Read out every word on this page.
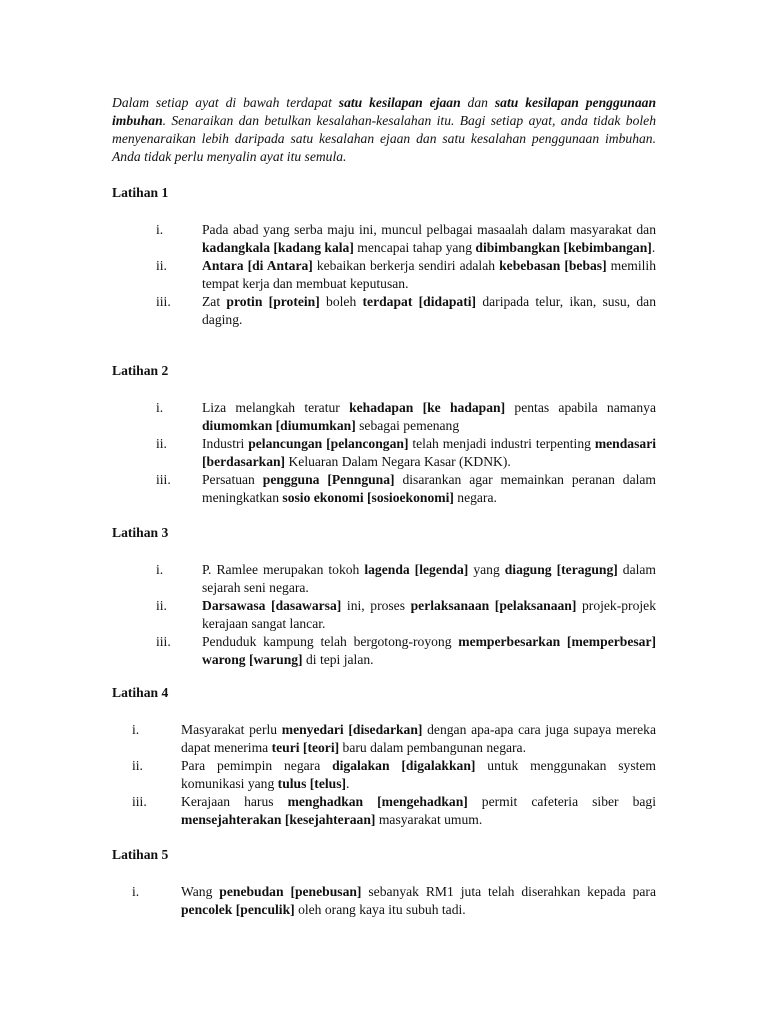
Dalam setiap ayat di bawah terdapat satu kesilapan ejaan dan satu kesilapan penggunaan imbuhan. Senaraikan dan betulkan kesalahan-kesalahan itu. Bagi setiap ayat, anda tidak boleh menyenaraikan lebih daripada satu kesalahan ejaan dan satu kesalahan penggunaan imbuhan. Anda tidak perlu menyalin ayat itu semula.

Latihan 1

i.	Pada abad yang serba maju ini, muncul pelbagai masaalah dalam masyarakat dan kadangkala [kadang kala] mencapai tahap yang dibimbangkan [kebimbangan].
ii.	Antara [di Antara] kebaikan berkerja sendiri adalah kebebasan [bebas] memilih tempat kerja dan membuat keputusan.
iii.	Zat protin [protein] boleh terdapat [didapati] daripada telur, ikan, susu, dan daging.

Latihan 2

i.	Liza melangkah teratur kehadapan [ke hadapan] pentas apabila namanya diumomkan [diumumkan] sebagai pemenang
ii.	Industri pelancungan [pelancongan] telah menjadi industri terpenting mendasari [berdasarkan] Keluaran Dalam Negara Kasar (KDNK).
iii.	Persatuan pengguna [Pennguna] disarankan agar memainkan peranan dalam meningkatkan sosio ekonomi [sosioekonomi] negara.

Latihan 3

i.	P. Ramlee merupakan tokoh lagenda [legenda] yang diagung [teragung] dalam sejarah seni negara.
ii.	Darsawasa [dasawarsa] ini, proses perlaksanaan [pelaksanaan] projek-projek kerajaan sangat lancar.
iii.	Penduduk kampung telah bergotong-royong memperbesarkan [memperbesar] warong [warung] di tepi jalan.

Latihan 4

i.	Masyarakat perlu menyedari [disedarkan] dengan apa-apa cara juga supaya mereka dapat menerima teuri [teori] baru dalam pembangunan negara.
ii.	Para pemimpin negara digalakan [digalakkan] untuk menggunakan system komunikasi yang tulus [telus].
iii.	Kerajaan harus menghadkan [mengehadkan] permit cafeteria siber bagi mensejahterakan [kesejahteraan] masyarakat umum.

Latihan 5

i.	Wang penebudan [penebusan] sebanyak RM1 juta telah diserahkan kepada para pencolek [penculik] oleh orang kaya itu subuh tadi.
